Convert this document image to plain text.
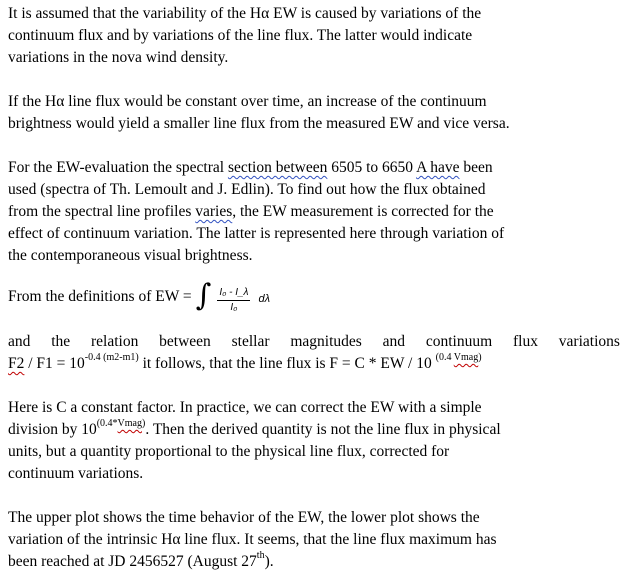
It is assumed that the variability of the Hα EW is caused by variations of the
continuum flux and by variations of the line flux. The latter would indicate
variations in the nova wind density.

If the Hα line flux would be constant over time, an increase of the continuum
brightness would yield a smaller line flux from the measured EW and vice versa.

For the EW-evaluation the spectral section between 6505 to 6650 A have been
used (spectra of Th. Lemoult and J. Edlin). To find out how the flux obtained
from the spectral line profiles varies, the EW measurement is corrected for the
effect of continuum variation. The latter is represented here through variation of
the contemporaneous visual brightness.

From the definitions of EW = ∫ $\frac{\text{I₀ - I\_λ}}{\text{I₀}}$ dλ

and the relation between stellar magnitudes and continuum flux variations
$F2 / F1 = 10^{-0.4 (m2-m1)}$ it follows, that the line flux is F = C * EW / 10 $^{(0.4 Vmag)}$

Here is C a constant factor. In practice, we can correct the EW with a simple
division by $10^{(0.4*Vmag)}$. Then the derived quantity is not the line flux in physical
units, but a quantity proportional to the physical line flux, corrected for
continuum variations.

The upper plot shows the time behavior of the EW, the lower plot shows the
variation of the intrinsic Hα line flux. It seems, that the line flux maximum has
been reached at JD 2456527 (August 27th).
